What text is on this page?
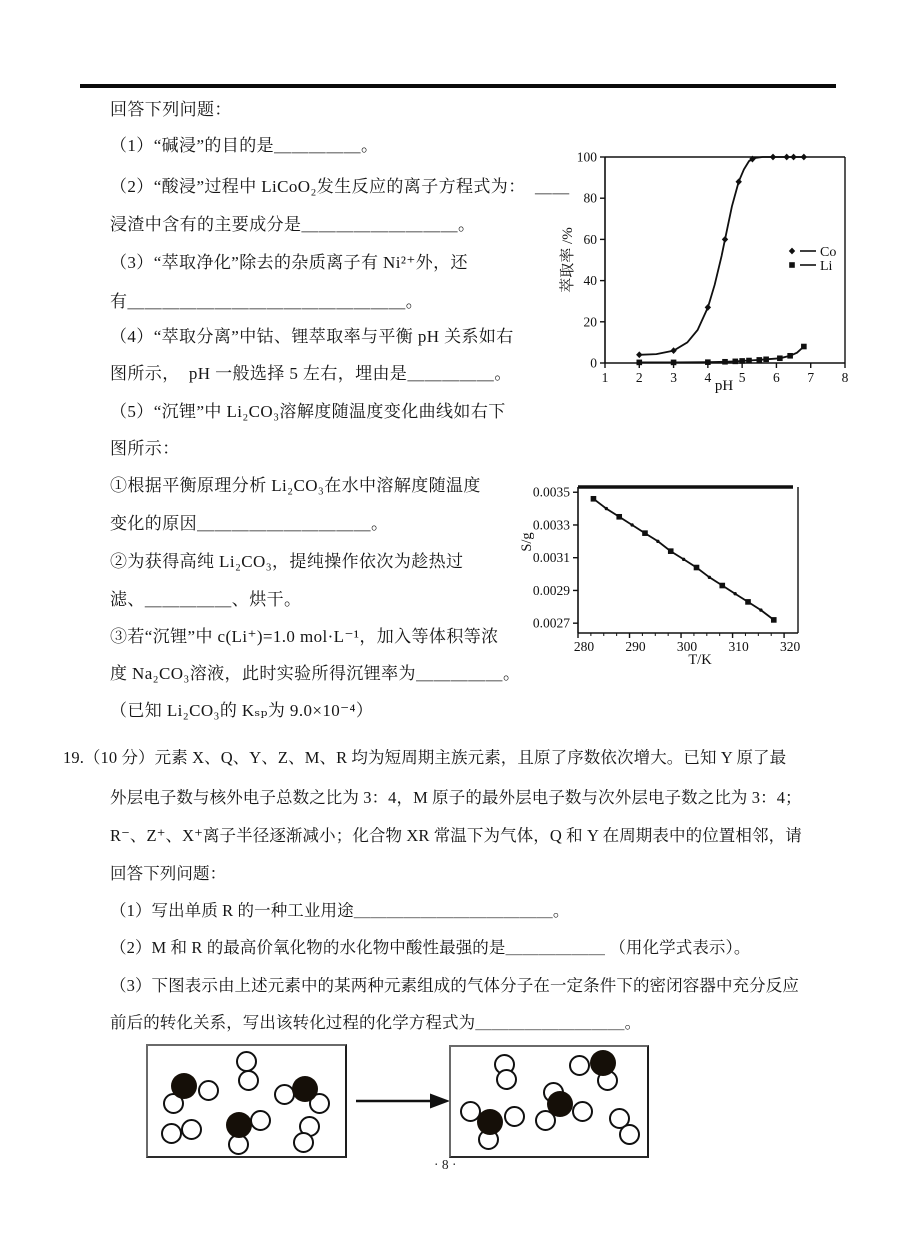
回答下列问题：
（1）“碱浸”的目的是＿＿＿＿＿。
（2）“酸浸”过程中 LiCoO₂发生反应的离子方程式为：  ＿＿
浸渣中含有的主要成分是＿＿＿＿＿＿＿＿＿。
（3）“萃取净化”除去的杂质离子有 Ni²⁺外，还
有＿＿＿＿＿＿＿＿＿＿＿＿＿＿＿＿。
（4）“萃取分离”中钴、锂萃取率与平衡 pH 关系如右
图所示，  pH 一般选择 5 左右，埋由是＿＿＿＿＿。
（5）“沉锂”中 Li₂CO₃溶解度随温度变化曲线如右下
图所示：
①根据平衡原理分析 Li₂CO₃在水中溶解度随温度
变化的原因＿＿＿＿＿＿＿＿＿＿。
②为获得高纯 Li₂CO₃，提纯操作依次为趁热过
滤、＿＿＿＿＿、烘干。
③若“沉锂”中 c(Li⁺)=1.0 mol·L⁻¹，加入等体积等浓
度 Na₂CO₃溶液，此时实验所得沉锂率为＿＿＿＿＿。
（已知 Li₂CO₃的 Kₛₚ为 9.0×10⁻⁴）
1 2 3 4 5 6 7 8
0
20
40
60
80
100
pH
萃取率 /%	Co
Li
280 290 300 310 320
0.0027
0.0029
0.0031
0.0033
0.0035
T/K
S/g
19.（10 分）元素 X、Q、Y、Z、M、R 均为短周期主族元素，且原了序数依次增大。已知 Y 原了最
外层电子数与核外电子总数之比为 3：4，M 原子的最外层电子数与次外层电子数之比为 3：4；
R⁻、Z⁺、X⁺离子半径逐渐减小；化合物 XR 常温下为气体，Q 和 Y 在周期表中的位置相邻，请
回答下列问题：
（1）写出单质 R 的一种工业用途＿＿＿＿＿＿＿＿＿＿＿＿。
（2）M 和 R 的最高价氧化物的水化物中酸性最强的是＿＿＿＿＿＿ （用化学式表示）。
（3）下图表示由上述元素中的某两种元素组成的气体分子在一定条件下的密闭容器中充分反应
前后的转化关系，写出该转化过程的化学方程式为＿＿＿＿＿＿＿＿＿。
· 8 ·
